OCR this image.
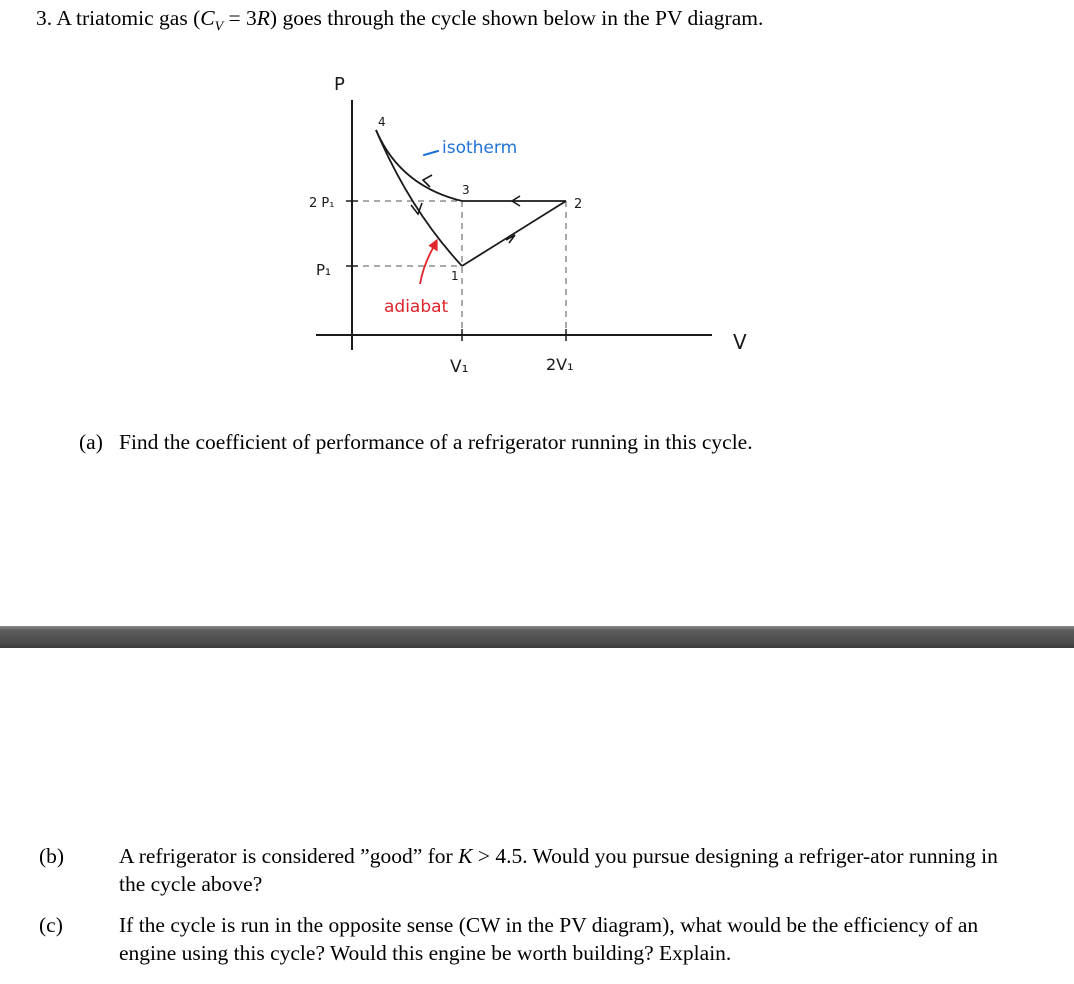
3. A triatomic gas $(C_V = 3R)$ goes through the cycle shown below in the PV diagram.
P
V
2 P₁
P₁
V₁	2V₁
1
2
3
4
isotherm
adiabat
(a) Find the coefficient of performance of a refrigerator running in this cycle.
(b)	A refrigerator is considered ”good” for K > 4.5. Would you pursue designing a refriger-ator running in the cycle above?
(c)	If the cycle is run in the opposite sense (CW in the PV diagram), what would be the efficiency of an engine using this cycle? Would this engine be worth building? Explain.
